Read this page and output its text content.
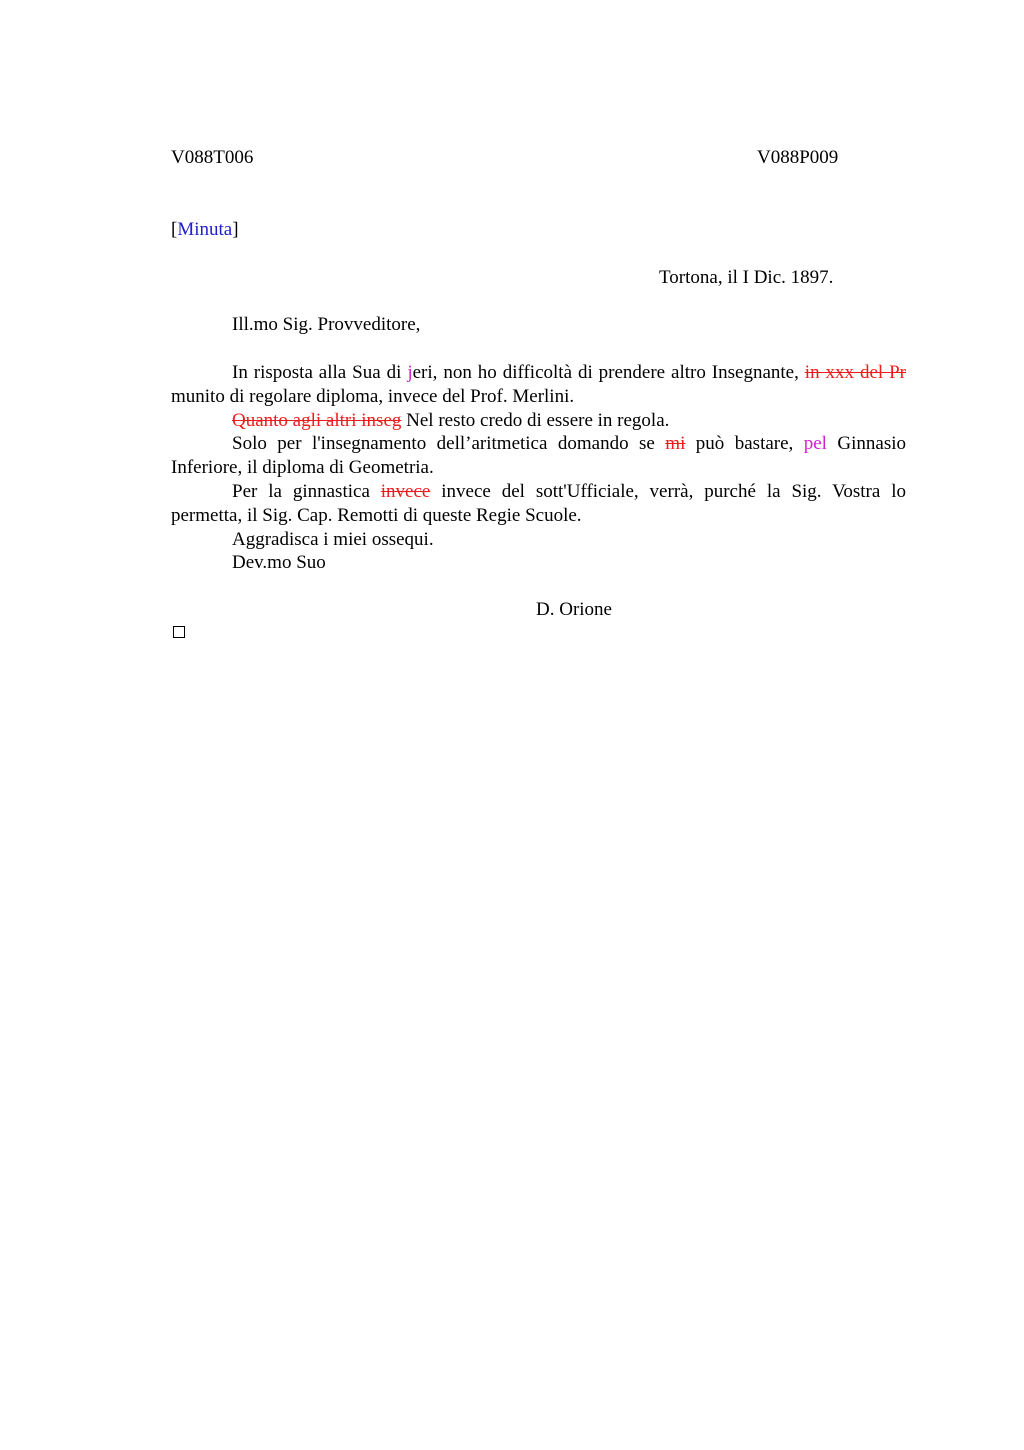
V088T006	V088P009
[Minuta]
Tortona, il I Dic. 1897.
Ill.mo Sig. Provveditore,

In risposta alla Sua di jeri, non ho difficoltà di prendere altro Insegnante, in xxx del Pr munito di regolare diploma, invece del Prof. Merlini.

Quanto agli altri inseg Nel resto credo di essere in regola.

Solo per l'insegnamento dell’aritmetica domando se mi può bastare, pel Ginnasio Inferiore, il diploma di Geometria.

Per la ginnastica invece invece del sott'Ufficiale, verrà, purché la Sig. Vostra lo permetta, il Sig. Cap. Remotti di queste Regie Scuole.

Aggradisca i miei ossequi.

Dev.mo Suo

D. Orione
